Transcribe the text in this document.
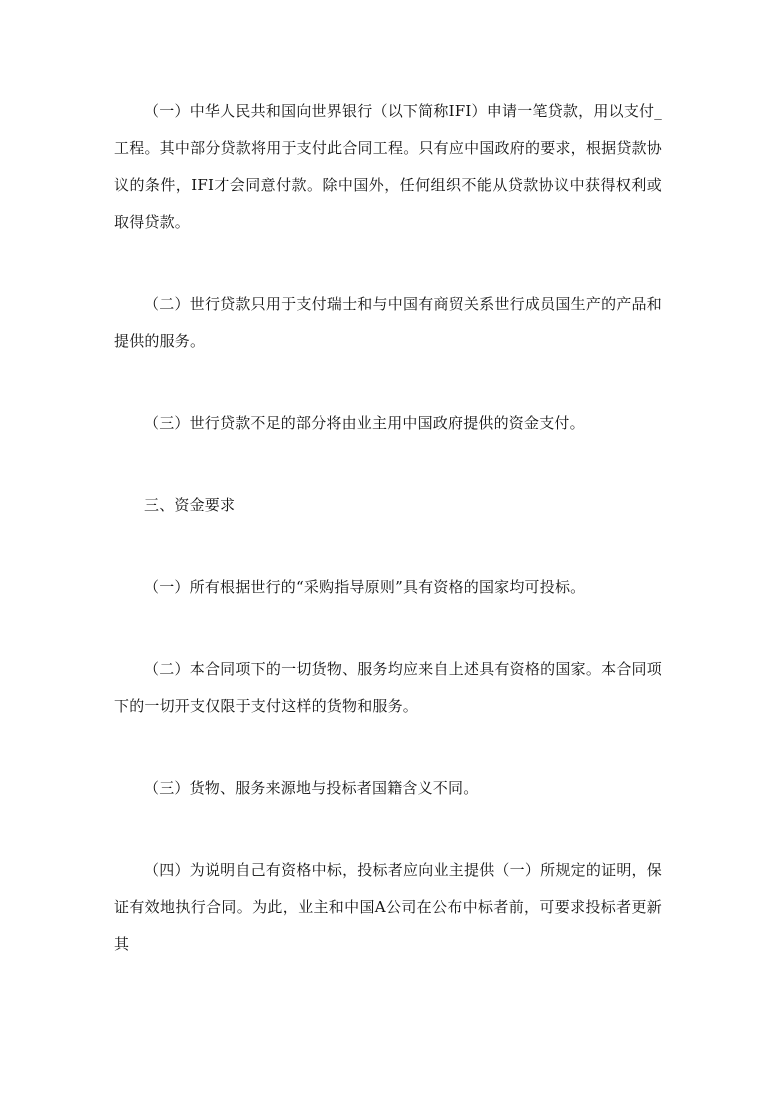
（一）中华人民共和国向世界银行（以下简称IFI）申请一笔贷款，用以支付_工程。其中部分贷款将用于支付此合同工程。只有应中国政府的要求，根据贷款协议的条件，IFI才会同意付款。除中国外，任何组织不能从贷款协议中获得权利或取得贷款。

（二）世行贷款只用于支付瑞士和与中国有商贸关系世行成员国生产的产品和提供的服务。

（三）世行贷款不足的部分将由业主用中国政府提供的资金支付。

三、资金要求

（一）所有根据世行的“采购指导原则”具有资格的国家均可投标。

（二）本合同项下的一切货物、服务均应来自上述具有资格的国家。本合同项下的一切开支仅限于支付这样的货物和服务。

（三）货物、服务来源地与投标者国籍含义不同。

（四）为说明自己有资格中标，投标者应向业主提供（一）所规定的证明，保证有效地执行合同。为此，业主和中国A公司在公布中标者前，可要求投标者更新其
